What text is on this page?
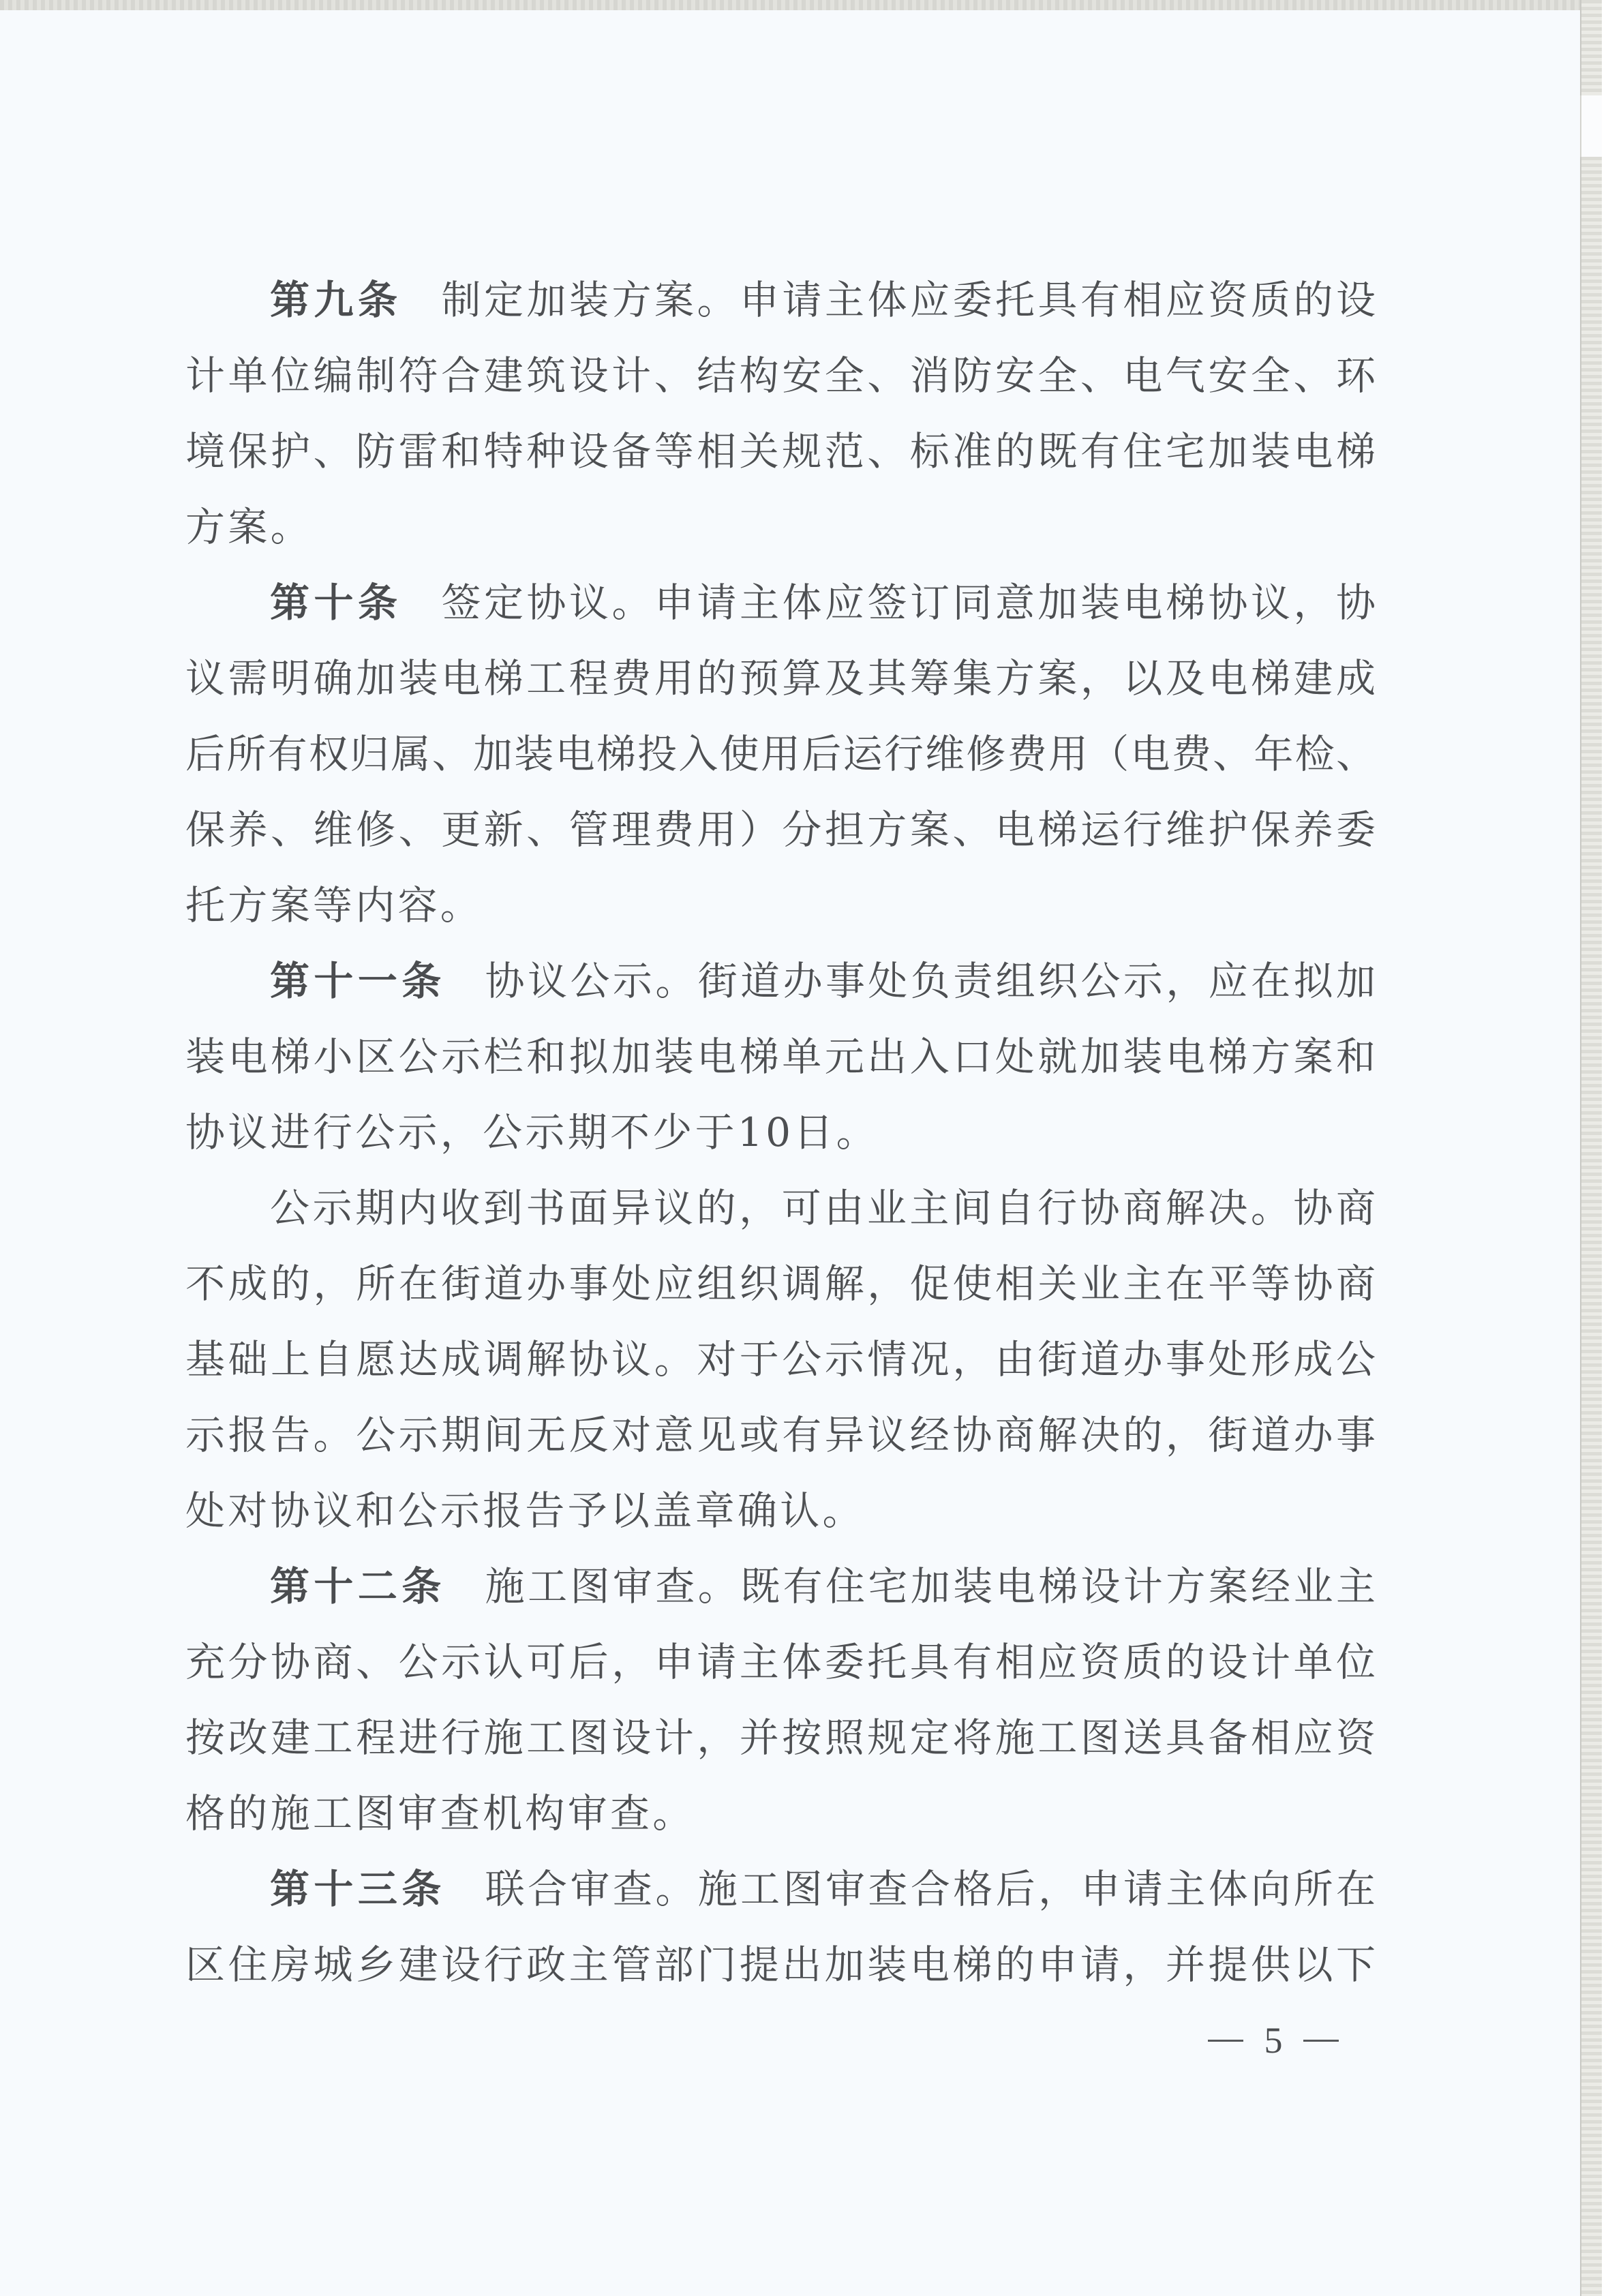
第九条 制定加装方案。申请主体应委托具有相应资质的设
计单位编制符合建筑设计、结构安全、消防安全、电气安全、环
境保护、防雷和特种设备等相关规范、标准的既有住宅加装电梯
方案。
第十条 签定协议。申请主体应签订同意加装电梯协议，协
议需明确加装电梯工程费用的预算及其筹集方案，以及电梯建成
后所有权归属、加装电梯投入使用后运行维修费用（电费、年检、
保养、维修、更新、管理费用）分担方案、电梯运行维护保养委
托方案等内容。
第十一条 协议公示。街道办事处负责组织公示，应在拟加
装电梯小区公示栏和拟加装电梯单元出入口处就加装电梯方案和
协议进行公示，公示期不少于10日。
公示期内收到书面异议的，可由业主间自行协商解决。协商
不成的，所在街道办事处应组织调解，促使相关业主在平等协商
基础上自愿达成调解协议。对于公示情况，由街道办事处形成公
示报告。公示期间无反对意见或有异议经协商解决的，街道办事
处对协议和公示报告予以盖章确认。
第十二条 施工图审查。既有住宅加装电梯设计方案经业主
充分协商、公示认可后，申请主体委托具有相应资质的设计单位
按改建工程进行施工图设计，并按照规定将施工图送具备相应资
格的施工图审查机构审查。
第十三条 联合审查。施工图审查合格后，申请主体向所在
区住房城乡建设行政主管部门提出加装电梯的申请，并提供以下
5
